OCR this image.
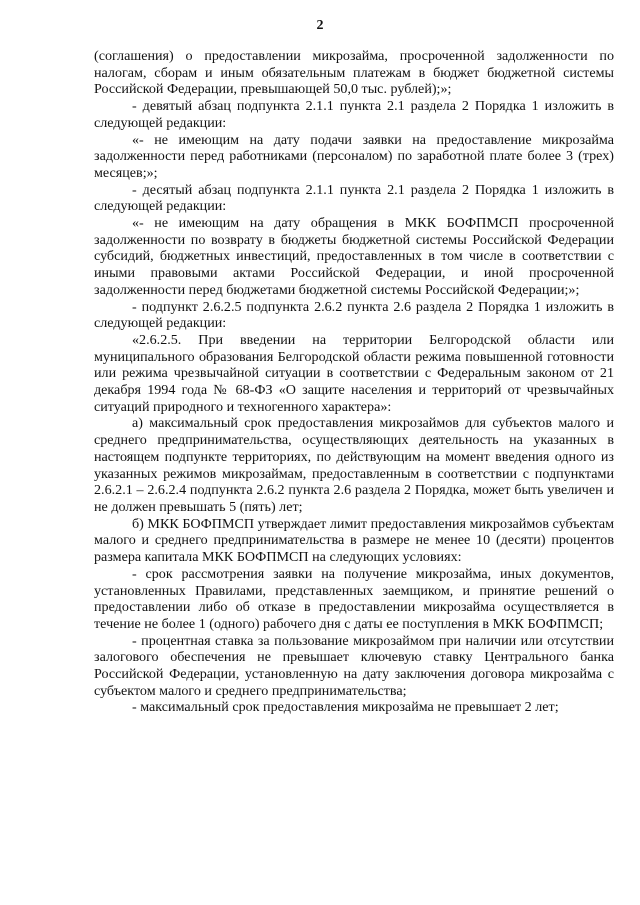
2

(соглашения) о предоставлении микрозайма, просроченной задолженности по налогам, сборам и иным обязательным платежам в бюджет бюджетной системы Российской Федерации, превышающей 50,0 тыс. рублей);»;

- девятый абзац подпункта 2.1.1 пункта 2.1 раздела 2 Порядка 1 изложить в следующей редакции:

«- не имеющим на дату подачи заявки на предоставление микрозайма задолженности перед работниками (персоналом) по заработной плате более 3 (трех) месяцев;»;

- десятый абзац подпункта 2.1.1 пункта 2.1 раздела 2 Порядка 1 изложить в следующей редакции:

«- не имеющим на дату обращения в МКК БОФПМСП просроченной задолженности по возврату в бюджеты бюджетной системы Российской Федерации субсидий, бюджетных инвестиций, предоставленных в том числе в соответствии с иными правовыми актами Российской Федерации, и иной просроченной задолженности перед бюджетами бюджетной системы Российской Федерации;»;

- подпункт 2.6.2.5 подпункта 2.6.2 пункта 2.6 раздела 2 Порядка 1 изложить в следующей редакции:

«2.6.2.5. При введении на территории Белгородской области или муниципального образования Белгородской области режима повышенной готовности или режима чрезвычайной ситуации в соответствии с Федеральным законом от 21 декабря 1994 года № 68-ФЗ «О защите населения и территорий от чрезвычайных ситуаций природного и техногенного характера»:

а) максимальный срок предоставления микрозаймов для субъектов малого и среднего предпринимательства, осуществляющих деятельность на указанных в настоящем подпункте территориях, по действующим на момент введения одного из указанных режимов микрозаймам, предоставленным в соответствии с подпунктами 2.6.2.1 – 2.6.2.4 подпункта 2.6.2 пункта 2.6 раздела 2 Порядка, может быть увеличен и не должен превышать 5 (пять) лет;

б) МКК БОФПМСП утверждает лимит предоставления микрозаймов субъектам малого и среднего предпринимательства в размере не менее 10 (десяти) процентов размера капитала МКК БОФПМСП на следующих условиях:

- срок рассмотрения заявки на получение микрозайма, иных документов, установленных Правилами, представленных заемщиком, и принятие решений о предоставлении либо об отказе в предоставлении микрозайма осуществляется в течение не более 1 (одного) рабочего дня с даты ее поступления в МКК БОФПМСП;

- процентная ставка за пользование микрозаймом при наличии или отсутствии залогового обеспечения не превышает ключевую ставку Центрального банка Российской Федерации, установленную на дату заключения договора микрозайма с субъектом малого и среднего предпринимательства;

- максимальный срок предоставления микрозайма не превышает 2 лет;
